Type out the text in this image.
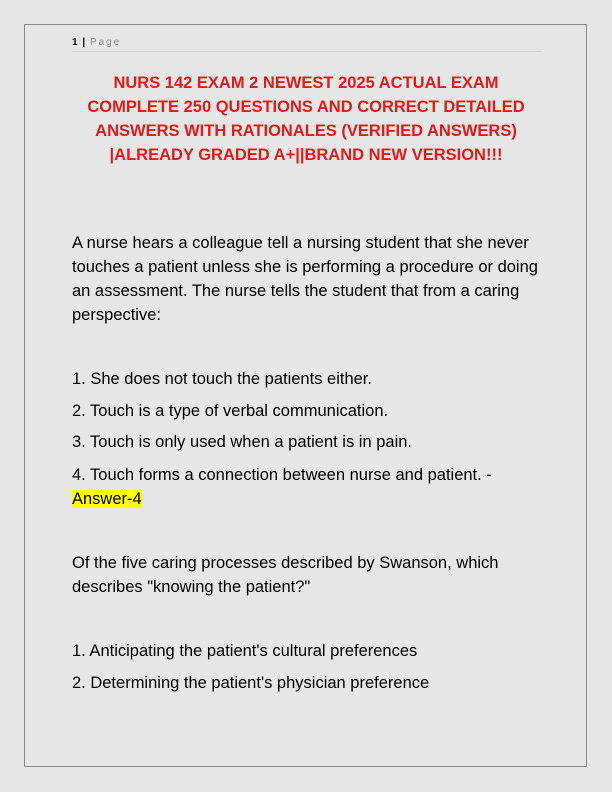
1 | Page
NURS 142 EXAM 2 NEWEST 2025 ACTUAL EXAM COMPLETE 250 QUESTIONS AND CORRECT DETAILED ANSWERS WITH RATIONALES (VERIFIED ANSWERS) |ALREADY GRADED A+||BRAND NEW VERSION!!!

A nurse hears a colleague tell a nursing student that she never touches a patient unless she is performing a procedure or doing an assessment. The nurse tells the student that from a caring perspective:

1. She does not touch the patients either.

2. Touch is a type of verbal communication.

3. Touch is only used when a patient is in pain.

4. Touch forms a connection between nurse and patient. -
Answer-4

Of the five caring processes described by Swanson, which describes "knowing the patient?"

1. Anticipating the patient's cultural preferences

2. Determining the patient's physician preference
